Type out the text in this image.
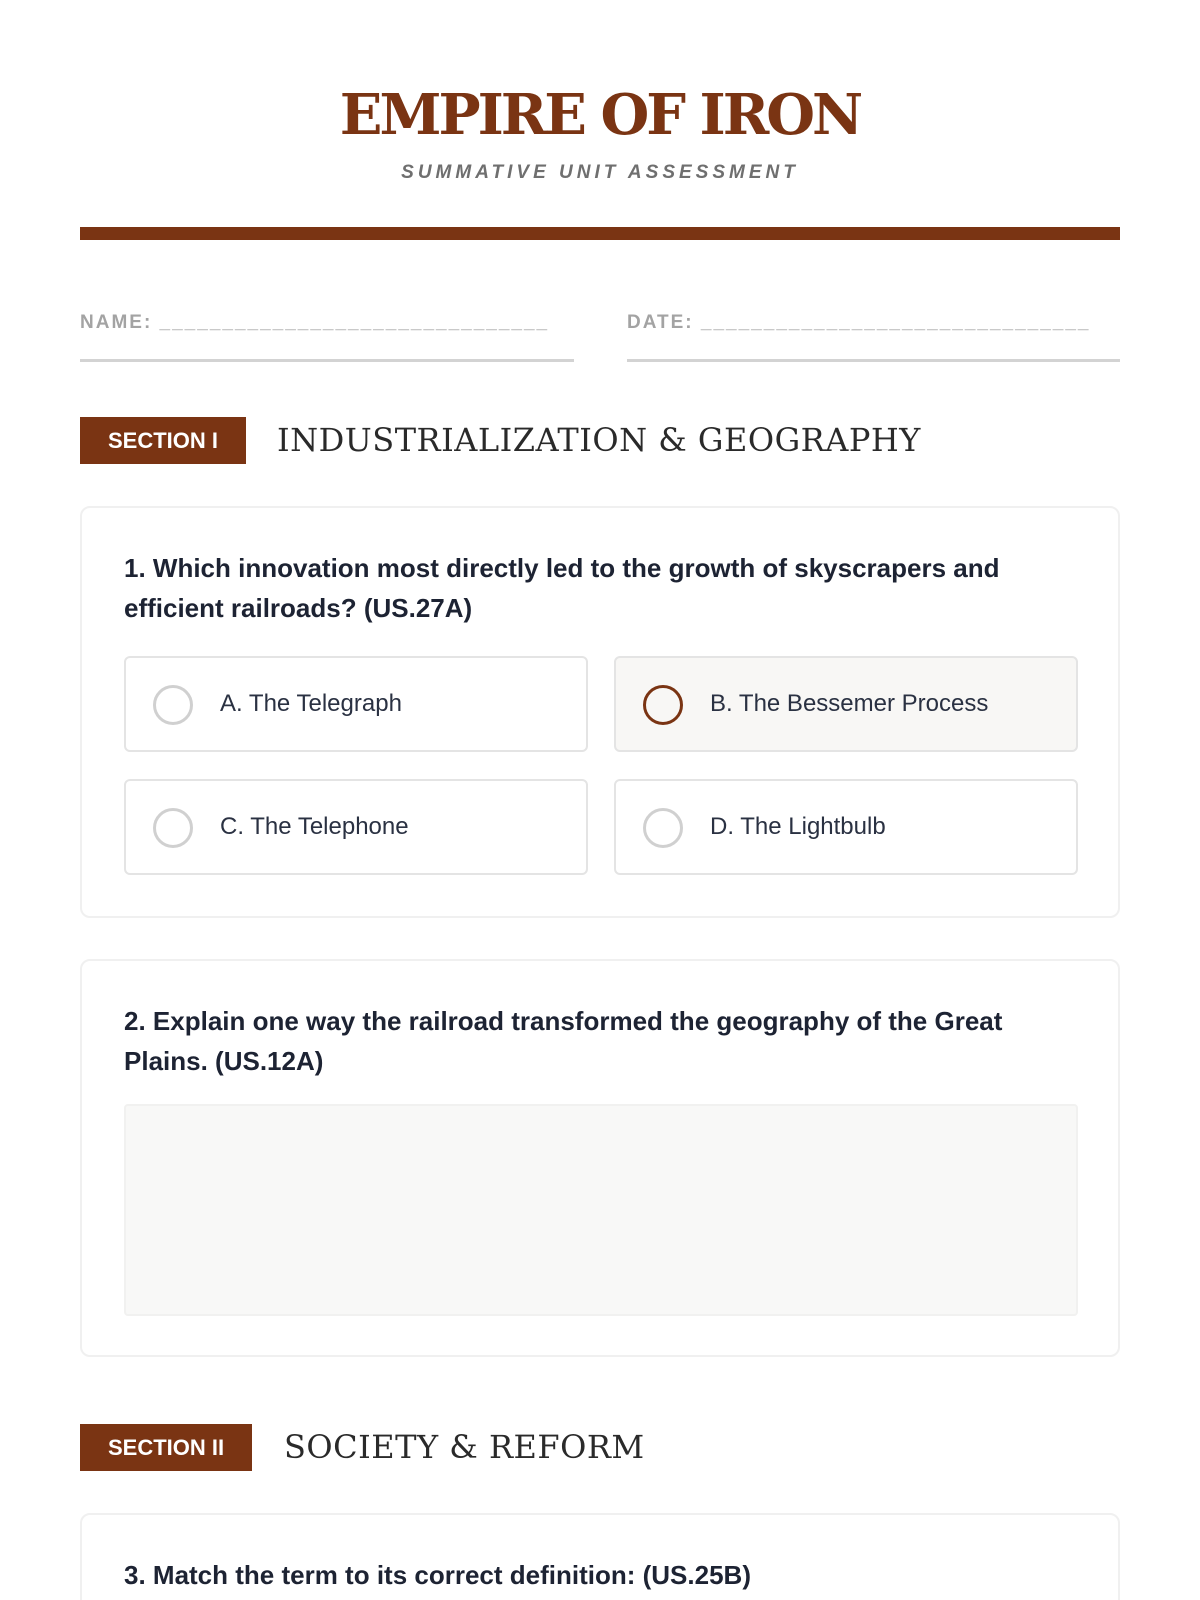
EMPIRE OF IRON
SUMMATIVE UNIT ASSESSMENT
NAME: _______________________________	DATE: _______________________________
SECTION I	INDUSTRIALIZATION & GEOGRAPHY
1. Which innovation most directly led to the growth of skyscrapers and efficient railroads? (US.27A)
A. The Telegraph	B. The Bessemer Process
C. The Telephone	D. The Lightbulb
2. Explain one way the railroad transformed the geography of the Great Plains. (US.12A)
SECTION II	SOCIETY & REFORM
3. Match the term to its correct definition: (US.25B)
